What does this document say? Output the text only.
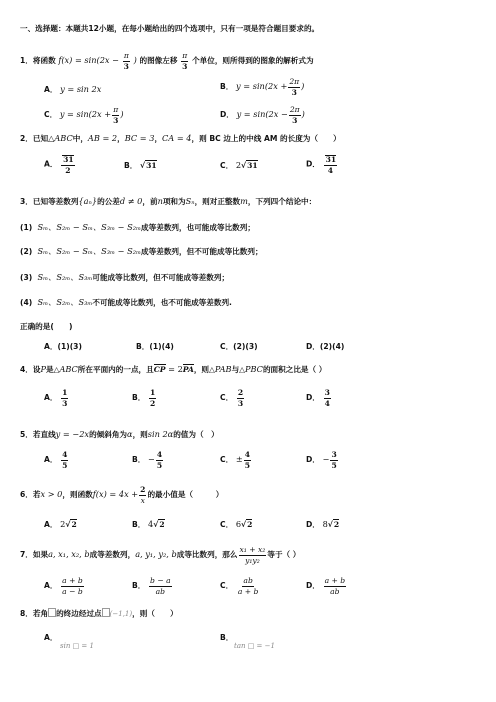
一、选择题：本题共12小题，在每小题给出的四个选项中，只有一项是符合题目要求的。
1．将函数 $f(x) = \sin(2x - \frac{\pi}{3}$ ) 的图像左移 $\frac{\pi}{3}$ 个单位，则所得到的图象的解析式为
A． y = sin 2x	B． $y = \sin(2x + \frac{2\pi}{3}$ )
C． $y = \sin(2x + \frac{\pi}{3}$ )	D． $y = \sin(2x - \frac{2\pi}{3}$ )
2．已知△ABC中，AB = 2，BC = 3，CA = 4，则 BC 边上的中线 AM 的长度为（　　）
A． $\frac{31}{2}$	B． √31	C． 2√31	D． $\frac{31}{4}$
3．已知等差数列{aₙ}的公差d ≠ 0，前n项和为Sₙ，则对正整数m，下列四个结论中：
(1) Sₘ、S₂ₘ − Sₘ、S₃ₘ − S₂ₘ成等差数列，也可能成等比数列；
(2) Sₘ、S₂ₘ − Sₘ、S₃ₘ − S₂ₘ成等差数列，但不可能成等比数列；
(3) Sₘ、S₂ₘ、S₃ₘ可能成等比数列，但不可能成等差数列；
(4) Sₘ、S₂ₘ、S₃ₘ不可能成等比数列，也不可能成等差数列.
正确的是(　　)
A．(1)(3)	B．(1)(4)	C．(2)(3)	D．(2)(4)
4．设P是△ABC所在平面内的一点，且CP = 2PA，则△PAB与△PBC的面积之比是（ ）
A． $\frac{1}{3}$	B． $\frac{1}{2}$	C． $\frac{2}{3}$	D． $\frac{3}{4}$
5．若直线y = −2x的倾斜角为α，则sin 2α的值为（　）
A． $\frac{4}{5}$	B． − $\frac{4}{5}$	C． ± $\frac{4}{5}$	D． − $\frac{3}{5}$
6．若x > 0，则函数$f(x) = 4x + \frac{2}{x}$ 的最小值是（　　　）
A． 2√2	B． 4√2	C． 6√2	D． 8√2
7．如果a, x₁, x₂, b成等差数列，a, y₁, y₂, b成等比数列，那么 $\frac{\text{x₁ + x₂}}{\text{y₁y₂}}$ 等于（ ）
A． $\frac{a + b}{a - b}$	B． $\frac{b - a}{ab}$	C． $\frac{ab}{a + b}$	D． $\frac{a + b}{ab}$
8．若角 的终边经过点 (−1,1)，则（　　）
A．
sin □ = 1
B．
tan □ = −1
